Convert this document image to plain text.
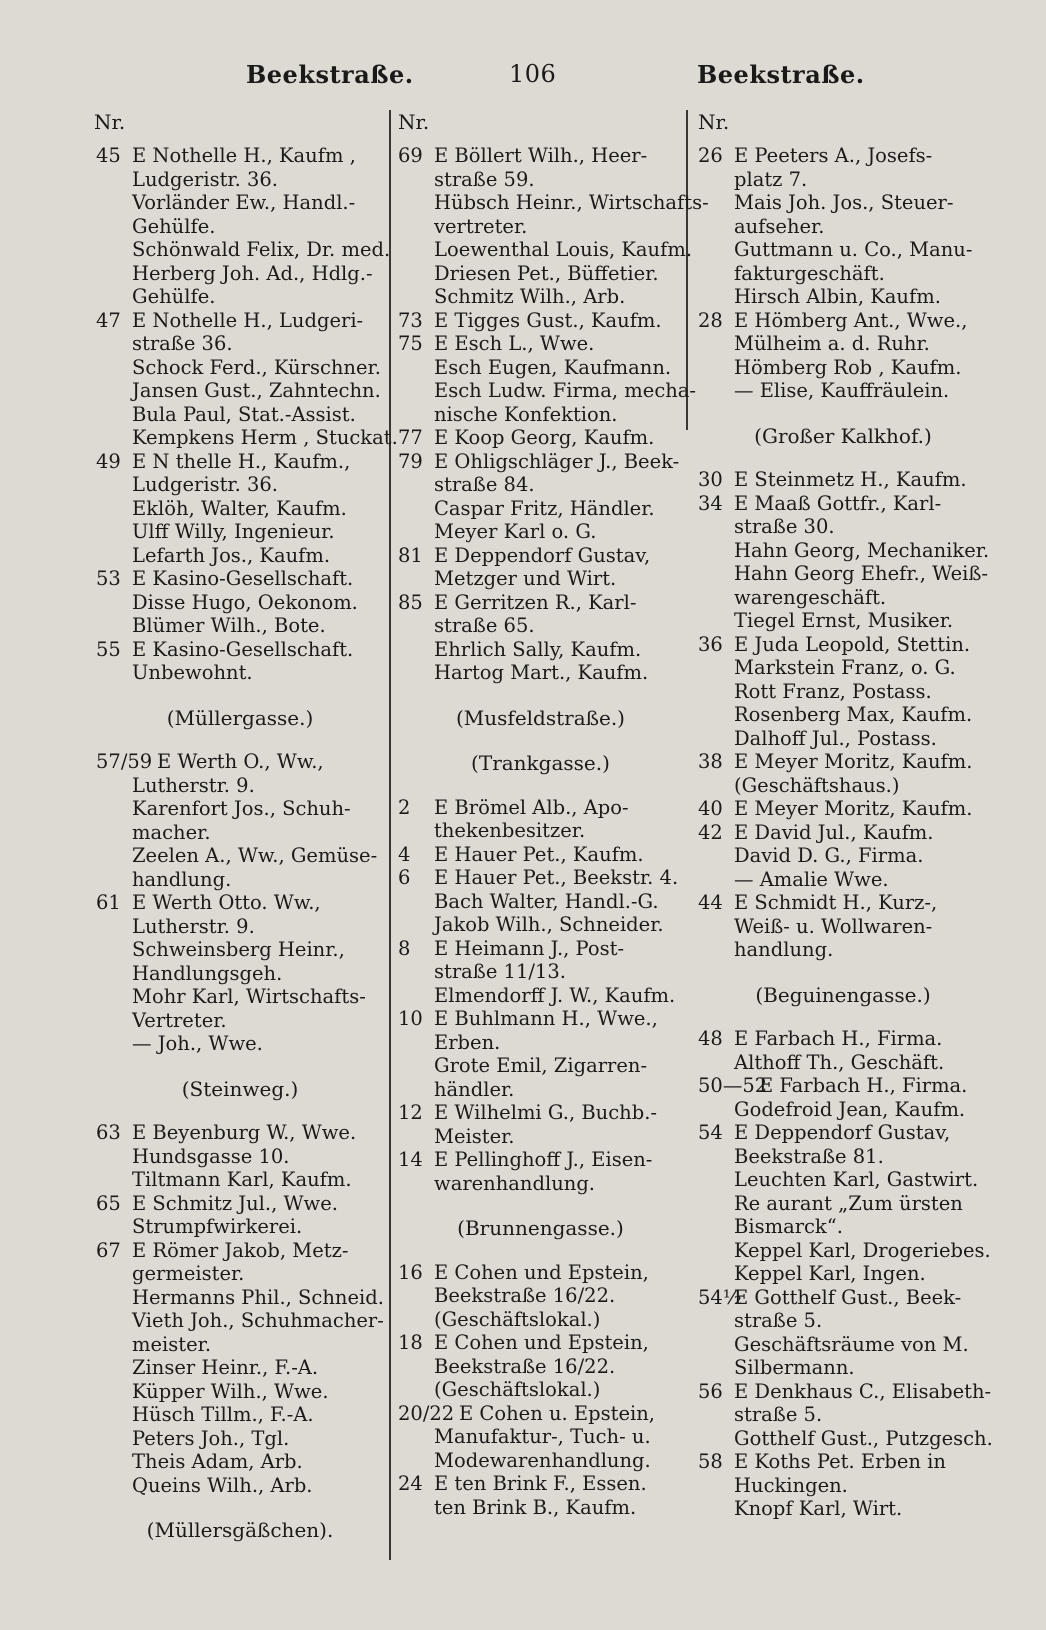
Beekstraße.	106	Beekstraße.
Nr.
45 E Nothelle H., Kaufm ,
Ludgeristr. 36.
Vorländer Ew., Handl.-
Gehülfe.
Schönwald Felix, Dr. med.
Herberg Joh. Ad., Hdlg.-
Gehülfe.
47 E Nothelle H., Ludgeri-
straße 36.
Schock Ferd., Kürschner.
Jansen Gust., Zahntechn.
Bula Paul, Stat.-Assist.
Kempkens Herm , Stuckat.
49 E N thelle H., Kaufm.,
Ludgeristr. 36.
Eklöh, Walter, Kaufm.
Ulff Willy, Ingenieur.
Lefarth Jos., Kaufm.
53 E Kasino-Gesellschaft.
Disse Hugo, Oekonom.
Blümer Wilh., Bote.
55 E Kasino-Gesellschaft.
Unbewohnt.
(Müllergasse.)
57/59 E Werth O., Ww.,
Lutherstr. 9.
Karenfort Jos., Schuh-
macher.
Zeelen A., Ww., Gemüse-
handlung.
61 E Werth Otto. Ww.,
Lutherstr. 9.
Schweinsberg Heinr.,
Handlungsgeh.
Mohr Karl, Wirtschafts-
Vertreter.
— Joh., Wwe.
(Steinweg.)
63 E Beyenburg W., Wwe.
Hundsgasse 10.
Tiltmann Karl, Kaufm.
65 E Schmitz Jul., Wwe.
Strumpfwirkerei.
67 E Römer Jakob, Metz-
germeister.
Hermanns Phil., Schneid.
Vieth Joh., Schuhmacher-
meister.
Zinser Heinr., F.-A.
Küpper Wilh., Wwe.
Hüsch Tillm., F.-A.
Peters Joh., Tgl.
Theis Adam, Arb.
Queins Wilh., Arb.
(Müllersgäßchen).
Nr.
69 E Böllert Wilh., Heer-
straße 59.
Hübsch Heinr., Wirtschafts-
vertreter.
Loewenthal Louis, Kaufm.
Driesen Pet., Büffetier.
Schmitz Wilh., Arb.
73 E Tigges Gust., Kaufm.
75 E Esch L., Wwe.
Esch Eugen, Kaufmann.
Esch Ludw. Firma, mecha-
nische Konfektion.
77 E Koop Georg, Kaufm.
79 E Ohligschläger J., Beek-
straße 84.
Caspar Fritz, Händler.
Meyer Karl o. G.
81 E Deppendorf Gustav,
Metzger und Wirt.
85 E Gerritzen R., Karl-
straße 65.
Ehrlich Sally, Kaufm.
Hartog Mart., Kaufm.
(Musfeldstraße.)
(Trankgasse.)
2 E Brömel Alb., Apo-
thekenbesitzer.
4 E Hauer Pet., Kaufm.
6 E Hauer Pet., Beekstr. 4.
Bach Walter, Handl.-G.
Jakob Wilh., Schneider.
8 E Heimann J., Post-
straße 11/13.
Elmendorff J. W., Kaufm.
10 E Buhlmann H., Wwe.,
Erben.
Grote Emil, Zigarren-
händler.
12 E Wilhelmi G., Buchb.-
Meister.
14 E Pellinghoff J., Eisen-
warenhandlung.
(Brunnengasse.)
16 E Cohen und Epstein,
Beekstraße 16/22.
(Geschäftslokal.)
18 E Cohen und Epstein,
Beekstraße 16/22.
(Geschäftslokal.)
20/22 E Cohen u. Epstein,
Manufaktur-, Tuch- u.
Modewarenhandlung.
24 E ten Brink F., Essen.
ten Brink B., Kaufm.
Nr.
26 E Peeters A., Josefs-
platz 7.
Mais Joh. Jos., Steuer-
aufseher.
Guttmann u. Co., Manu-
fakturgeschäft.
Hirsch Albin, Kaufm.
28 E Hömberg Ant., Wwe.,
Mülheim a. d. Ruhr.
Hömberg Rob , Kaufm.
— Elise, Kauffräulein.
(Großer Kalkhof.)
30 E Steinmetz H., Kaufm.
34 E Maaß Gottfr., Karl-
straße 30.
Hahn Georg, Mechaniker.
Hahn Georg Ehefr., Weiß-
warengeschäft.
Tiegel Ernst, Musiker.
36 E Juda Leopold, Stettin.
Markstein Franz, o. G.
Rott Franz, Postass.
Rosenberg Max, Kaufm.
Dalhoff Jul., Postass.
38 E Meyer Moritz, Kaufm.
(Geschäftshaus.)
40 E Meyer Moritz, Kaufm.
42 E David Jul., Kaufm.
David D. G., Firma.
— Amalie Wwe.
44 E Schmidt H., Kurz-,
Weiß- u. Wollwaren-
handlung.
(Beguinengasse.)
48 E Farbach H., Firma.
Althoff Th., Geschäft.
50—52E Farbach H., Firma.
Godefroid Jean, Kaufm.
54 E Deppendorf Gustav,
Beekstraße 81.
Leuchten Karl, Gastwirt.
Re aurant „Zum ürsten
Bismarck“.
Keppel Karl, Drogeriebes.
Keppel Karl, Ingen.
54½E Gotthelf Gust., Beek-
straße 5.
Geschäftsräume von M.
Silbermann.
56 E Denkhaus C., Elisabeth-
straße 5.
Gotthelf Gust., Putzgesch.
58 E Koths Pet. Erben in
Huckingen.
Knopf Karl, Wirt.
